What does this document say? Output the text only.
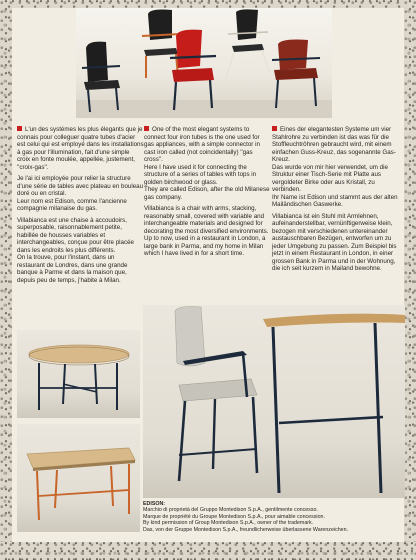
L'un des systèmes les plus élegants que je connais pour colleguer quatre tubes d'acier est celui qui est employé dans les installations à gas pour l'illumination, fait d'une simple croix en fonte moulée, appellée, justement, ''croix-gas''.

Je l'ai ici employée pour relier la structure d'une série de tables avec plateau en bouleau doré ou en cristal.

Leur nom est Edison, comme l'ancienne compagnie milanaise du gas.

Villabianca est une chaise à accoudoirs, superposable, raisonnablement petite, habillée de housses variables et interchangeables, conçue pour être placée dans les endroits les plus différents.

On la trouve, pour l'instant, dans un restaurant de Londres, dans une grande banque à Parme et dans la maison que, depuis peu de temps, j'habite à Milan.

One of the most elegant systems to connect four iron tubes is the one used for gas appliances, with a simple connector in cast iron called (not coincidentally) ''gas cross''.

Here I have used it for connecting the structure of a series of tables with tops in golden birchwood or glass.

They are called Edison, after the old Milanese gas company.

Villabianca is a chair with arms, stacking, reasonably small, covered with variable and interchangeable materials and designed for decorating the most diversified environments.

Up to now, used in a restaurant in London, a large bank in Parma, and my home in Milan which I have lived in for a short time.

Eines der elegantesten Systeme um vier Stahlrohre zu verbinden ist das was für die Stoffleuchtröhren gebraucht wird, mit einem einfachen Guss-Kreuz, das sogenannte Gas-Kreuz.

Das wurde von mir hier verwendet, um die Struktur einer Tisch-Serie mit Platte aus vergoldeter Birke oder aus Kristall, zu verbinden.

Ihr Name ist Edison und stammt aus der alten Mailändischen Gaswerke.

Villabianca ist ein Stuhl mit Armlehnen, aufeinanderstellbar, vernünftigerweise klein, bezogen mit verschiedenen untereinander austauschbaren Bezügen, entworfen um zu jeder Umgebung zu passen. Zum Beispiel bis jetzt in einem Restaurant in London, in einer grossen Bank in Parma und in der Wohnung, die ich seit kurzem in Mailand bewohne.

EDISON:
Marchio di proprietà del Gruppo Montedison S.p.A., gentilmente concesso.
Marque de propriété du Groupe Montedison S.p.A., pour aimable concession.
By kind permission of Group Montedison S.p.A., owner of the trademark.
Das, von der Gruppe Montedison S.p.A., freundlicherweise überlassene Warenzeichen.
